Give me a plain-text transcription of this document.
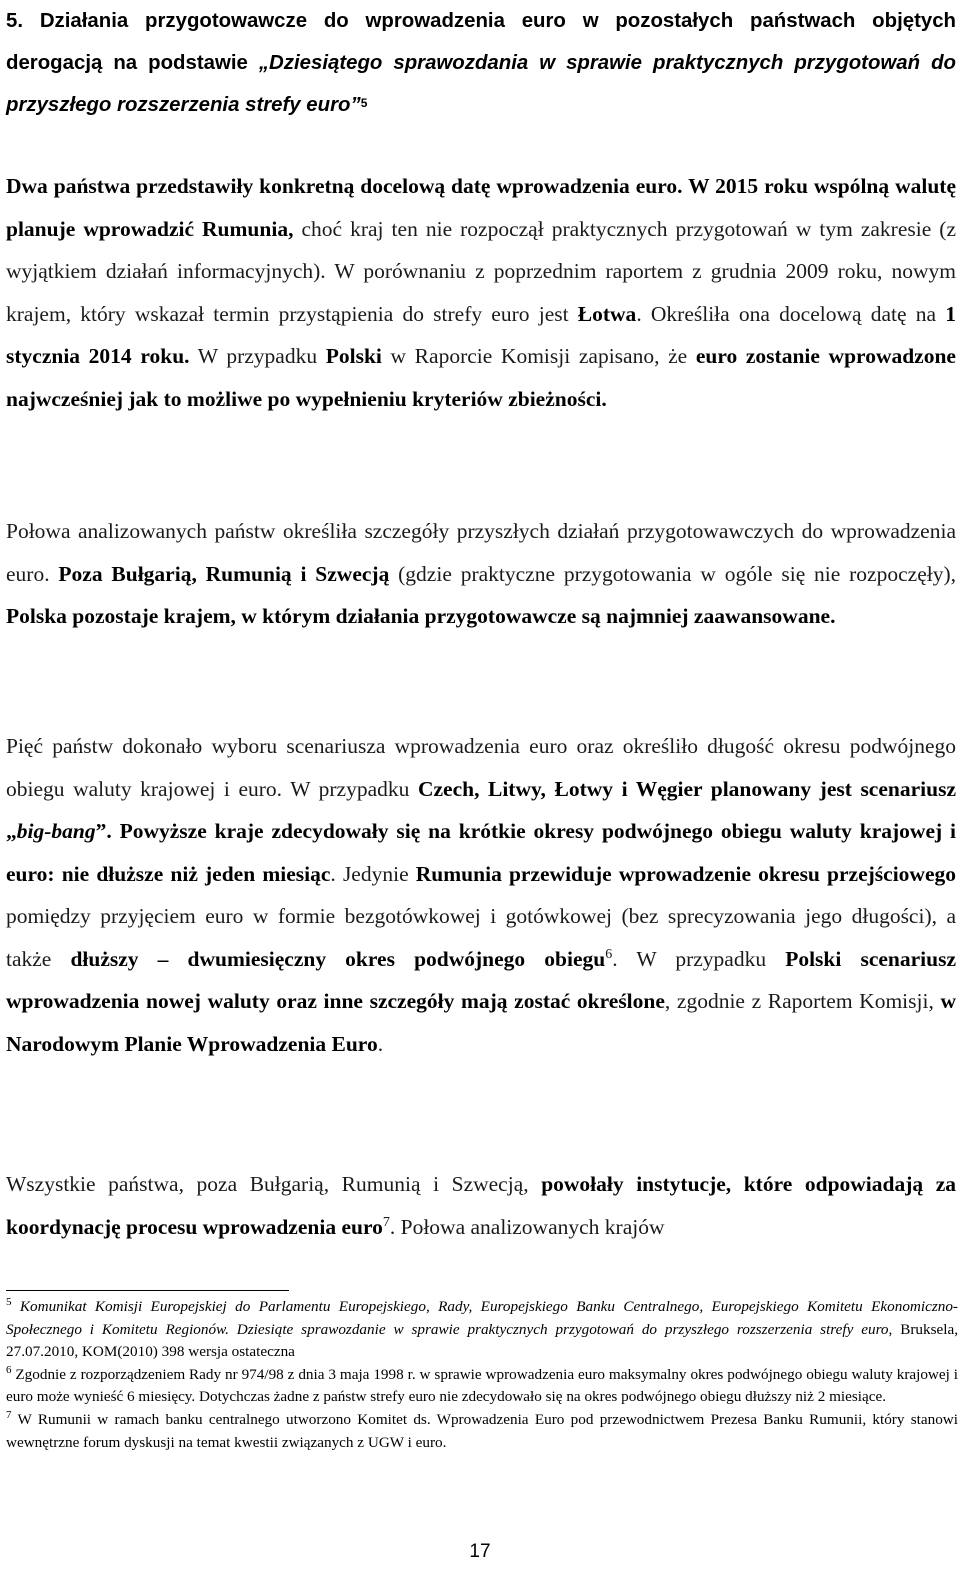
5. Działania przygotowawcze do wprowadzenia euro w pozostałych państwach objętych derogacją na podstawie „Dziesiątego sprawozdania w sprawie praktycznych przygotowań do przyszłego rozszerzenia strefy euro”$^5$

Dwa państwa przedstawiły konkretną docelową datę wprowadzenia euro. W 2015 roku wspólną walutę planuje wprowadzić Rumunia, choć kraj ten nie rozpoczął praktycznych przygotowań w tym zakresie (z wyjątkiem działań informacyjnych). W porównaniu z poprzednim raportem z grudnia 2009 roku, nowym krajem, który wskazał termin przystąpienia do strefy euro jest Łotwa. Określiła ona docelową datę na 1 stycznia 2014 roku. W przypadku Polski w Raporcie Komisji zapisano, że euro zostanie wprowadzone najwcześniej jak to możliwe po wypełnieniu kryteriów zbieżności.

Połowa analizowanych państw określiła szczegóły przyszłych działań przygotowawczych do wprowadzenia euro. Poza Bułgarią, Rumunią i Szwecją (gdzie praktyczne przygotowania w ogóle się nie rozpoczęły), Polska pozostaje krajem, w którym działania przygotowawcze są najmniej zaawansowane.

Pięć państw dokonało wyboru scenariusza wprowadzenia euro oraz określiło długość okresu podwójnego obiegu waluty krajowej i euro. W przypadku Czech, Litwy, Łotwy i Węgier planowany jest scenariusz „big-bang”. Powyższe kraje zdecydowały się na krótkie okresy podwójnego obiegu waluty krajowej i euro: nie dłuższe niż jeden miesiąc. Jedynie Rumunia przewiduje wprowadzenie okresu przejściowego pomiędzy przyjęciem euro w formie bezgotówkowej i gotówkowej (bez sprecyzowania jego długości), a także dłuższy – dwumiesięczny okres podwójnego obiegu$^6$. W przypadku Polski scenariusz wprowadzenia nowej waluty oraz inne szczegóły mają zostać określone, zgodnie z Raportem Komisji, w Narodowym Planie Wprowadzenia Euro.

Wszystkie państwa, poza Bułgarią, Rumunią i Szwecją, powołały instytucje, które odpowiadają za koordynację procesu wprowadzenia euro$^7$. Połowa analizowanych krajów

$^5$ Komunikat Komisji Europejskiej do Parlamentu Europejskiego, Rady, Europejskiego Banku Centralnego, Europejskiego Komitetu Ekonomiczno-Społecznego i Komitetu Regionów. Dziesiąte sprawozdanie w sprawie praktycznych przygotowań do przyszłego rozszerzenia strefy euro, Bruksela, 27.07.2010, KOM(2010) 398 wersja ostateczna

$^6$ Zgodnie z rozporządzeniem Rady nr 974/98 z dnia 3 maja 1998 r. w sprawie wprowadzenia euro maksymalny okres podwójnego obiegu waluty krajowej i euro może wynieść 6 miesięcy. Dotychczas żadne z państw strefy euro nie zdecydowało się na okres podwójnego obiegu dłuższy niż 2 miesiące.

$^7$ W Rumunii w ramach banku centralnego utworzono Komitet ds. Wprowadzenia Euro pod przewodnictwem Prezesa Banku Rumunii, który stanowi wewnętrzne forum dyskusji na temat kwestii związanych z UGW i euro.

17
